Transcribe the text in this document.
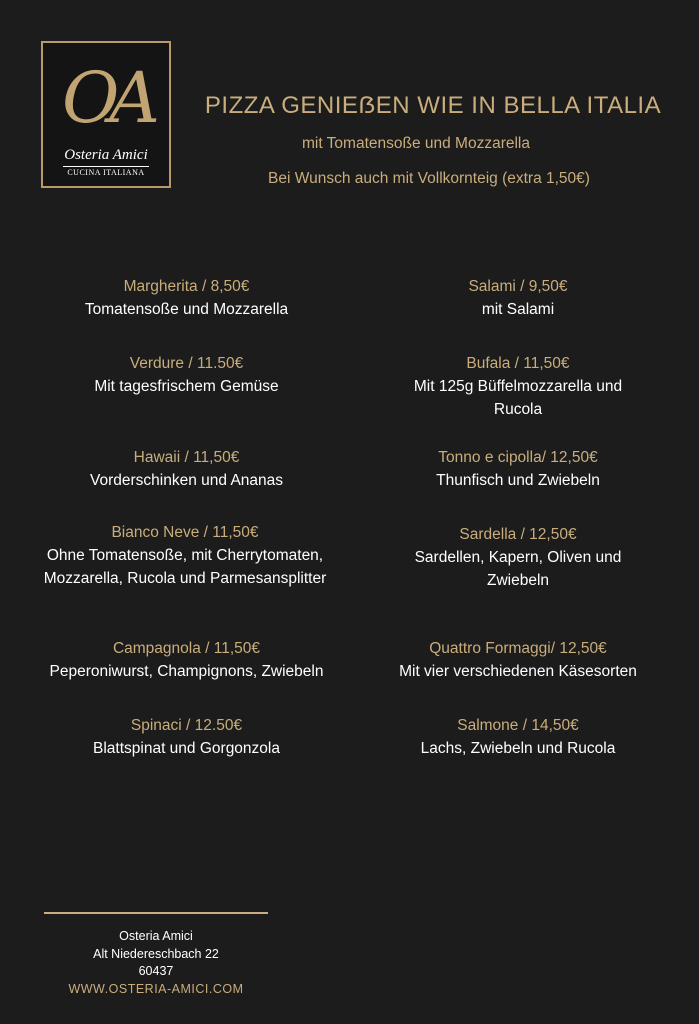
OA
Osteria Amici
CUCINA ITALIANA
PIZZA GENIEẞEN WIE IN BELLA ITALIA
mit Tomatensoße und Mozzarella
Bei Wunsch auch mit Vollkornteig (extra 1,50€)
Margherita / 8,50€
Tomatensoße und Mozzarella
Verdure / 11.50€
Mit tagesfrischem Gemüse
Hawaii / 11,50€
Vorderschinken und Ananas
Bianco Neve / 11,50€
Ohne Tomatensoße, mit Cherrytomaten, Mozzarella, Rucola und Parmesansplitter
Campagnola / 11,50€
Peperoniwurst, Champignons, Zwiebeln
Spinaci / 12.50€
Blattspinat und Gorgonzola
Salami / 9,50€
mit Salami
Bufala / 11,50€
Mit 125g Büffelmozzarella und Rucola
Tonno e cipolla/ 12,50€
Thunfisch und Zwiebeln
Sardella / 12,50€
Sardellen, Kapern, Oliven und Zwiebeln
Quattro Formaggi/ 12,50€
Mit vier verschiedenen Käsesorten
Salmone / 14,50€
Lachs, Zwiebeln und Rucola
Osteria Amici
Alt Niedereschbach 22
60437
WWW.OSTERIA-AMICI.COM
